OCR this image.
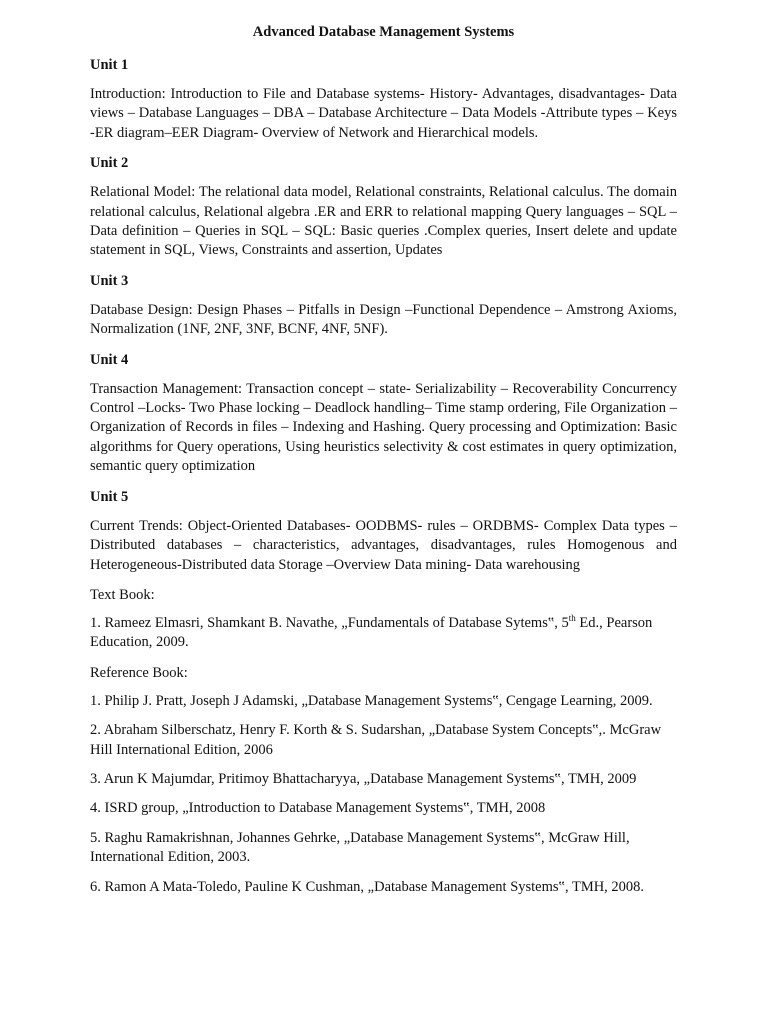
Advanced Database Management Systems
Unit 1
Introduction: Introduction to File and Database systems- History- Advantages, disadvantages- Data views – Database Languages – DBA – Database Architecture – Data Models -Attribute types – Keys -ER diagram–EER Diagram- Overview of Network and Hierarchical models.
Unit 2
Relational Model: The relational data model, Relational constraints, Relational calculus. The domain relational calculus, Relational algebra .ER and ERR to relational mapping Query languages – SQL – Data definition – Queries in SQL – SQL: Basic queries .Complex queries, Insert delete and update statement in SQL, Views, Constraints and assertion, Updates
Unit 3
Database Design: Design Phases – Pitfalls in Design –Functional Dependence – Amstrong Axioms, Normalization (1NF, 2NF, 3NF, BCNF, 4NF, 5NF).
Unit 4
Transaction Management: Transaction concept – state- Serializability – Recoverability Concurrency Control –Locks- Two Phase locking – Deadlock handling– Time stamp ordering, File Organization – Organization of Records in files – Indexing and Hashing. Query processing and Optimization: Basic algorithms for Query operations, Using heuristics selectivity & cost estimates in query optimization, semantic query optimization
Unit 5
Current Trends: Object-Oriented Databases- OODBMS- rules – ORDBMS- Complex Data types – Distributed databases – characteristics, advantages, disadvantages, rules Homogenous and Heterogeneous-Distributed data Storage –Overview Data mining- Data warehousing
Text Book:
1. Rameez Elmasri, Shamkant B. Navathe, „Fundamentals of Database Sytems‟, 5th Ed., Pearson Education, 2009.
Reference Book:
1. Philip J. Pratt, Joseph J Adamski, „Database Management Systems‟, Cengage Learning, 2009.
2. Abraham Silberschatz, Henry F. Korth & S. Sudarshan, „Database System Concepts‟,. McGraw Hill International Edition, 2006
3. Arun K Majumdar, Pritimoy Bhattacharyya, „Database Management Systems‟, TMH, 2009
4. ISRD group, „Introduction to Database Management Systems‟, TMH, 2008
5. Raghu Ramakrishnan, Johannes Gehrke, „Database Management Systems‟, McGraw Hill, International Edition, 2003.
6. Ramon A Mata-Toledo, Pauline K Cushman, „Database Management Systems‟, TMH, 2008.
